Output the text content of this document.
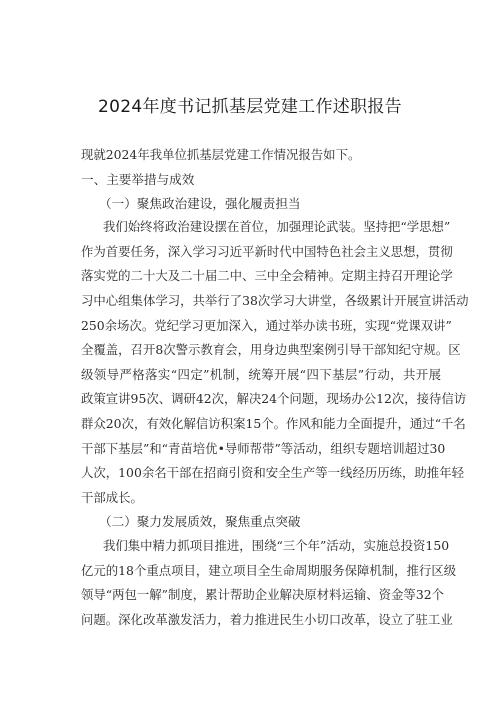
2024年度书记抓基层党建工作述职报告
现就2024年我单位抓基层党建工作情况报告如下。
一、主要举措与成效
（一）聚焦政治建设，强化履责担当
我们始终将政治建设摆在首位，加强理论武装。坚持把“学思想”
作为首要任务，深入学习习近平新时代中国特色社会主义思想，贯彻
落实党的二十大及二十届二中、三中全会精神。定期主持召开理论学
习中心组集体学习，共举行了38次学习大讲堂，各级累计开展宣讲活动
250余场次。党纪学习更加深入，通过举办读书班，实现“党课双讲”
全覆盖，召开8次警示教育会，用身边典型案例引导干部知纪守规。区
级领导严格落实“四定”机制，统筹开展“四下基层”行动，共开展
政策宣讲95次、调研42次，解决24个问题，现场办公12次，接待信访
群众20次，有效化解信访积案15个。作风和能力全面提升，通过“千名
干部下基层”和“青苗培优•导师帮带”等活动，组织专题培训超过30
人次，100余名干部在招商引资和安全生产等一线经历历练，助推年轻
干部成长。
（二）聚力发展质效，聚焦重点突破
我们集中精力抓项目推进，围绕“三个年”活动，实施总投资150
亿元的18个重点项目，建立项目全生命周期服务保障机制，推行区级
领导“两包一解”制度，累计帮助企业解决原材料运输、资金等32个
问题。深化改革激发活力，着力推进民生小切口改革，设立了驻工业
